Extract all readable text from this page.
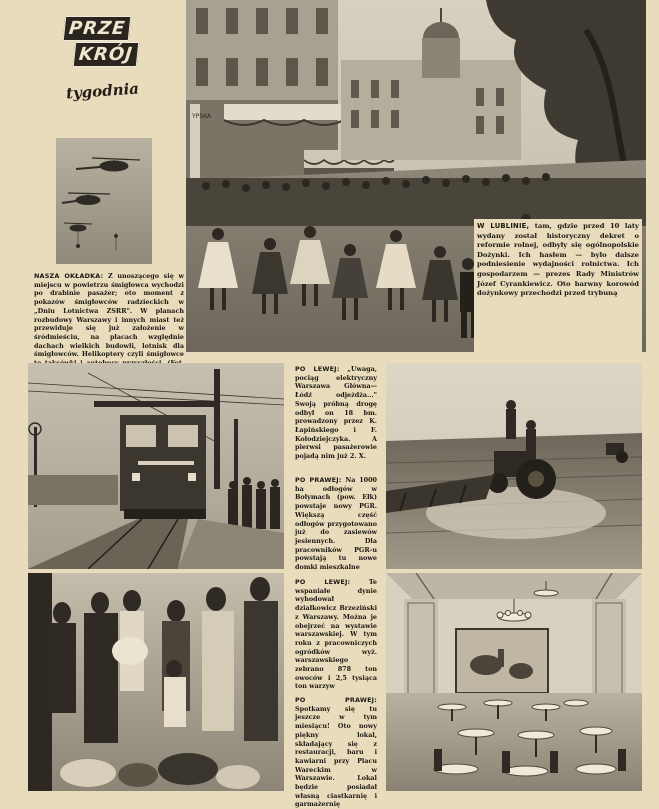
PRZE
KRÓJ
tygodnia
NASZA OKŁADKA: Z unoszącego się w miejscu w powietrzu śmigłowca wychodzi po drabinie pasażer; oto moment z pokazów śmigłowców radzieckich w „Dniu Lotnictwa ZSRR". W planach rozbudowy Warszawy i innych miast też przewiduje się już założenie w śródmieściu, na placach względnie dachach wielkich budowli, lotnisk dla śmigłowców. Helikoptery czyli śmigłowce
YPSKA
W LUBLINIE, tam, gdzie przed 10 laty wydany został historyczny dekret o reformie rolnej, odbyły się ogólnopolskie Dożynki. Ich hasłem — było dalsze podniesienie wydajności rolnictwa. Ich gospodarzem — prezes Rady Ministrów Józef Cyrankiewicz. Oto barwny korowód dożynkowy przechodzi przed trybuną
PO LEWEJ: „Uwaga, pociąg elektryczny Warszawa Główna—Łódź odjeżdża..." Swoją próbną drogę odbył on 18 bm. prowadzony przez K. Łapińskiego i F. Kołodziejczyka. A pierwsi pasażerowie pojadą nim już 2. X.
PO PRAWEJ: Na 1000 ha odłogów w Bołymach (pow. Ełk) powstaje nowy PGR. Większą część odłogów przygotowano już do zasiewów jesiennych. Dla pracowników PGR-u powstają tu nowe domki mieszkalne
PO LEWEJ: Te wspaniałe dynie wyhodował działkowicz Brzeziński z Warszawy. Można je obejrzeć na wystawie warszawskiej. W tym roku z pracowniczych ogródków wyż. warszawskiego zebrano 878 ton owoców i 2,5 tysiąca ton warzyw
PO PRAWEJ: Spotkamy się tu jeszcze w tym miesiącu! Oto nowy piękny lokal, składający się z restauracji, baru i kawiarni przy Placu Wareckim w Warszawie. Lokal będzie posiadał własną ciastkarnię i garmażernię
